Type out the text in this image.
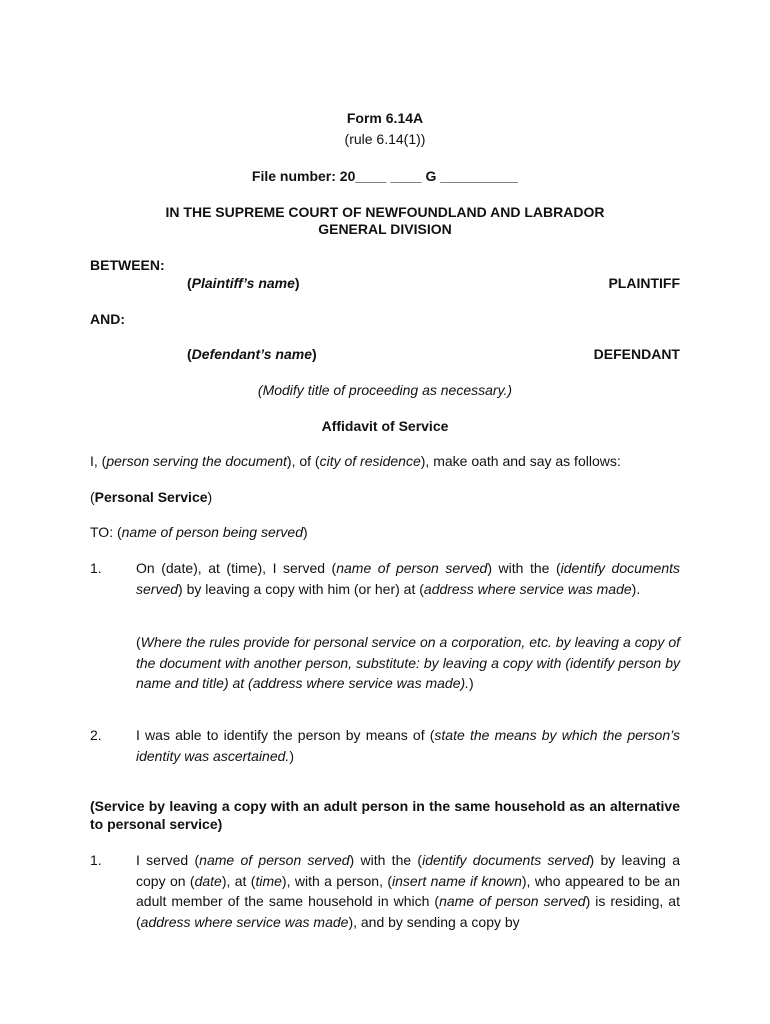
Form 6.14A
(rule 6.14(1))
File number: 20____ ____ G __________
IN THE SUPREME COURT OF NEWFOUNDLAND AND LABRADOR
GENERAL DIVISION
BETWEEN:
(Plaintiff’s name)	PLAINTIFF
AND:
(Defendant’s name)	DEFENDANT
(Modify title of proceeding as necessary.)
Affidavit of Service
I, (person serving the document), of (city of residence), make oath and say as follows:
(Personal Service)
TO: (name of person being served)
1. On (date), at (time), I served (name of person served) with the (identify documents served) by leaving a copy with him (or her) at (address where service was made).
(Where the rules provide for personal service on a corporation, etc. by leaving a copy of the document with another person, substitute: by leaving a copy with (identify person by name and title) at (address where service was made).)
2. I was able to identify the person by means of (state the means by which the person’s identity was ascertained.)
(Service by leaving a copy with an adult person in the same household as an alternative to personal service)
1. I served (name of person served) with the (identify documents served) by leaving a copy on (date), at (time), with a person, (insert name if known), who appeared to be an adult member of the same household in which (name of person served) is residing, at (address where service was made), and by sending a copy by
